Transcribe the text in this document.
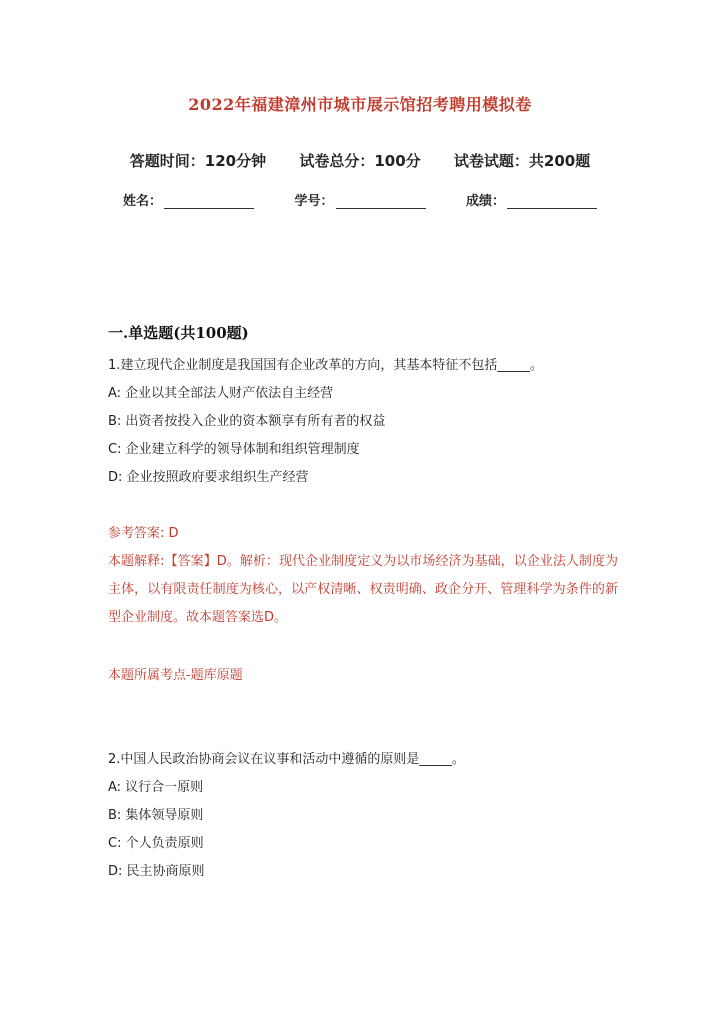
2022年福建漳州市城市展示馆招考聘用模拟卷
答题时间：120分钟 试卷总分：100分 试卷试题：共200题
姓名：	学号：	成绩：
一.单选题(共100题)
1.建立现代企业制度是我国国有企业改革的方向，其基本特征不包括_____。
A: 企业以其全部法人财产依法自主经营
B: 出资者按投入企业的资本额享有所有者的权益
C: 企业建立科学的领导体制和组织管理制度
D: 企业按照政府要求组织生产经营
参考答案: D
本题解释:【答案】D。解析：现代企业制度定义为以市场经济为基础，以企业法人制度为主体，以有限责任制度为核心，以产权清晰、权责明确、政企分开、管理科学为条件的新型企业制度。故本题答案选D。
本题所属考点-题库原题
2.中国人民政治协商会议在议事和活动中遵循的原则是_____。
A: 议行合一原则
B: 集体领导原则
C: 个人负责原则
D: 民主协商原则
